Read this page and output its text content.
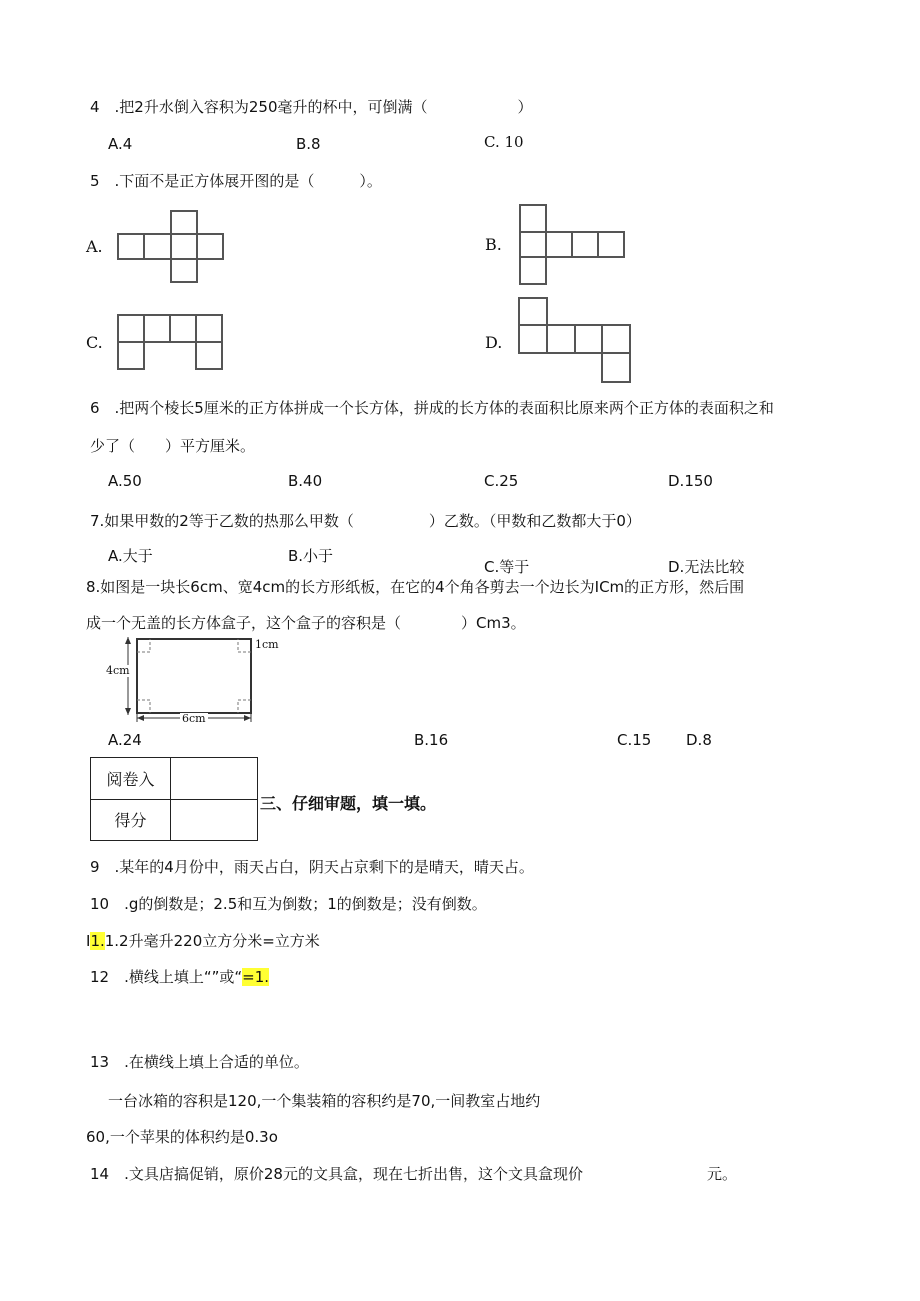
4　.把2升水倒入容积为250毫升的杯中，可倒满（　　　　　　）
A.4	B.8	C. 10
5　.下面不是正方体展开图的是（　　　）。
A.	B.
C.	D.
6　.把两个棱长5厘米的正方体拼成一个长方体，拼成的长方体的表面积比原来两个正方体的表面积之和
少了（　　）平方厘米。
A.50	B.40	C.25	D.150
7.如果甲数的2等于乙数的热那么甲数（　　　　　）乙数。（甲数和乙数都大于0）
A.大于	B.小于
C.等于	D.无法比较
8.如图是一块长6cm、宽4cm的长方形纸板，在它的4个角各剪去一个边长为ICm的正方形，然后围
成一个无盖的长方体盒子，这个盒子的容积是（　　　　）Cm3。
4cm
6cm
1cm
A.24	B.16	C.15 D.8
阅卷入	
得分	
三、仔细审题，填一填。
9　.某年的4月份中，雨天占白，阴天占京剩下的是晴天，晴天占。
10　.g的倒数是；2.5和互为倒数；1的倒数是；没有倒数。
I1.1.2升毫升220立方分米=立方米
12　.横线上填上“”或“=1.
13　.在横线上填上合适的单位。
一台冰箱的容积是120,一个集装箱的容积约是70,一间教室占地约
60,一个苹果的体积约是0.3o
14　.文具店搞促销，原价28元的文具盒，现在七折出售，这个文具盒现价	元。
